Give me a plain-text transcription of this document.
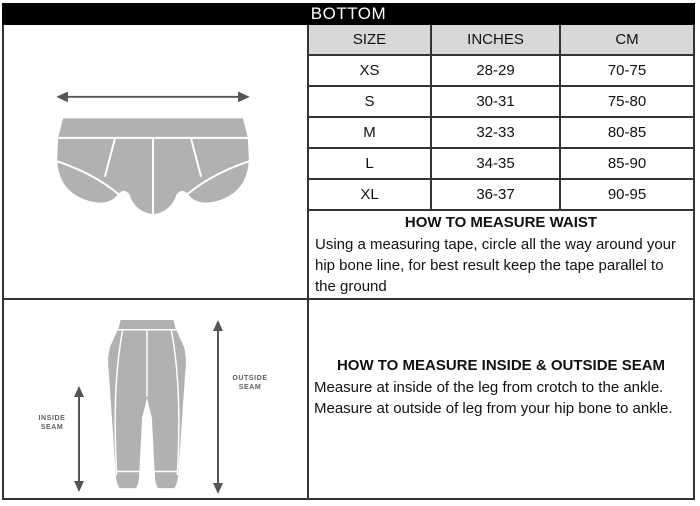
BOTTOM
SIZE	INCHES	CM
XS	28-29	70-75
S	30-31	75-80
M	32-33	80-85
L	34-35	85-90
XL	36-37	90-95
HOW TO MEASURE WAIST
Using a measuring tape, circle all the way around your hip bone line, for best result keep the tape parallel to the ground
INSIDE
SEAM
OUTSIDE
SEAM
HOW TO MEASURE INSIDE & OUTSIDE SEAM
Measure at inside of the leg from crotch to the ankle. Measure at outside of leg from your hip bone to ankle.
